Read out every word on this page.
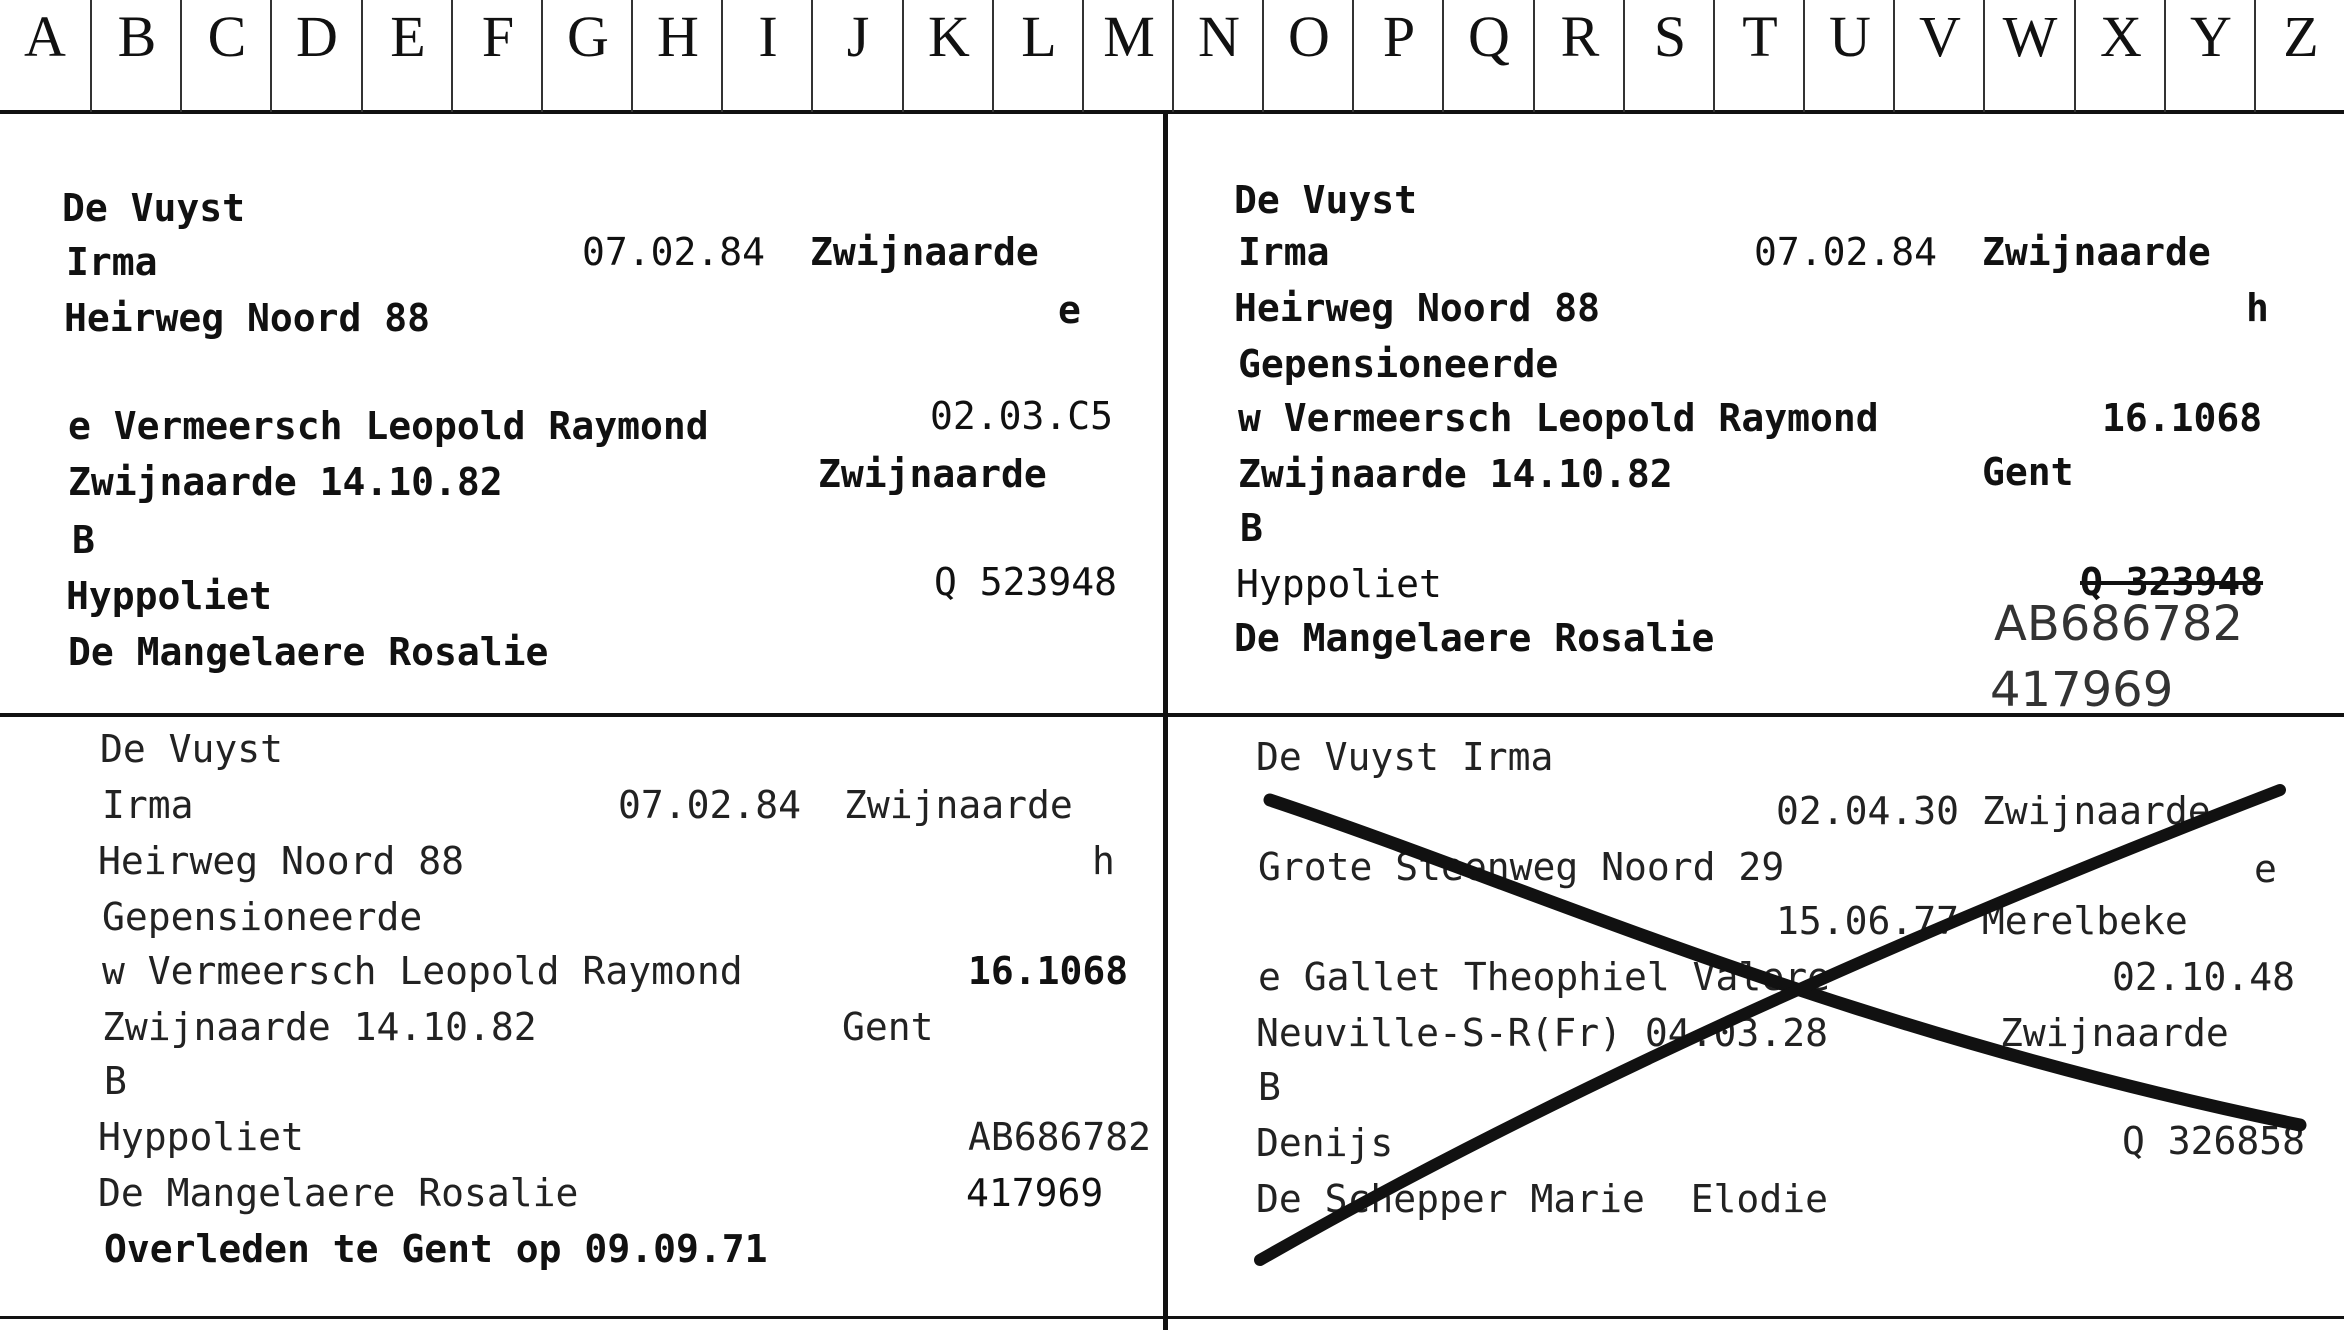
A B C D E F G H	I	J	K L M N O P Q R S T U V W X Y Z
De Vuyst
Irma	07.02.84 Zwijnaarde
Heirweg Noord 88	e
e Vermeersch Leopold Raymond	02.03.C5
Zwijnaarde 14.10.82	Zwijnaarde
B
Hyppoliet	Q 523948
De Mangelaere Rosalie
De Vuyst
Irma	07.02.84 Zwijnaarde
Heirweg Noord 88	h
Gepensioneerde
w Vermeersch Leopold Raymond	16.1068
Zwijnaarde 14.10.82	Gent
B
Hyppoliet	Q 323948
De Mangelaere Rosalie	AB686782
417969
De Vuyst
Irma	07.02.84 Zwijnaarde
Heirweg Noord 88	h
Gepensioneerde
w Vermeersch Leopold Raymond	16.1068
Zwijnaarde 14.10.82	Gent
B
Hyppoliet	AB686782
De Mangelaere Rosalie	417969
Overleden te Gent op 09.09.71
De Vuyst Irma
02.04.30 Zwijnaarde
Grote Steenweg Noord 29	e
15.06.77 Merelbeke
e Gallet Theophiel Valere	02.10.48
Neuville-S-R(Fr) 04.03.28	Zwijnaarde
B
Denijs	Q 326858
De Schepper Marie  Elodie
